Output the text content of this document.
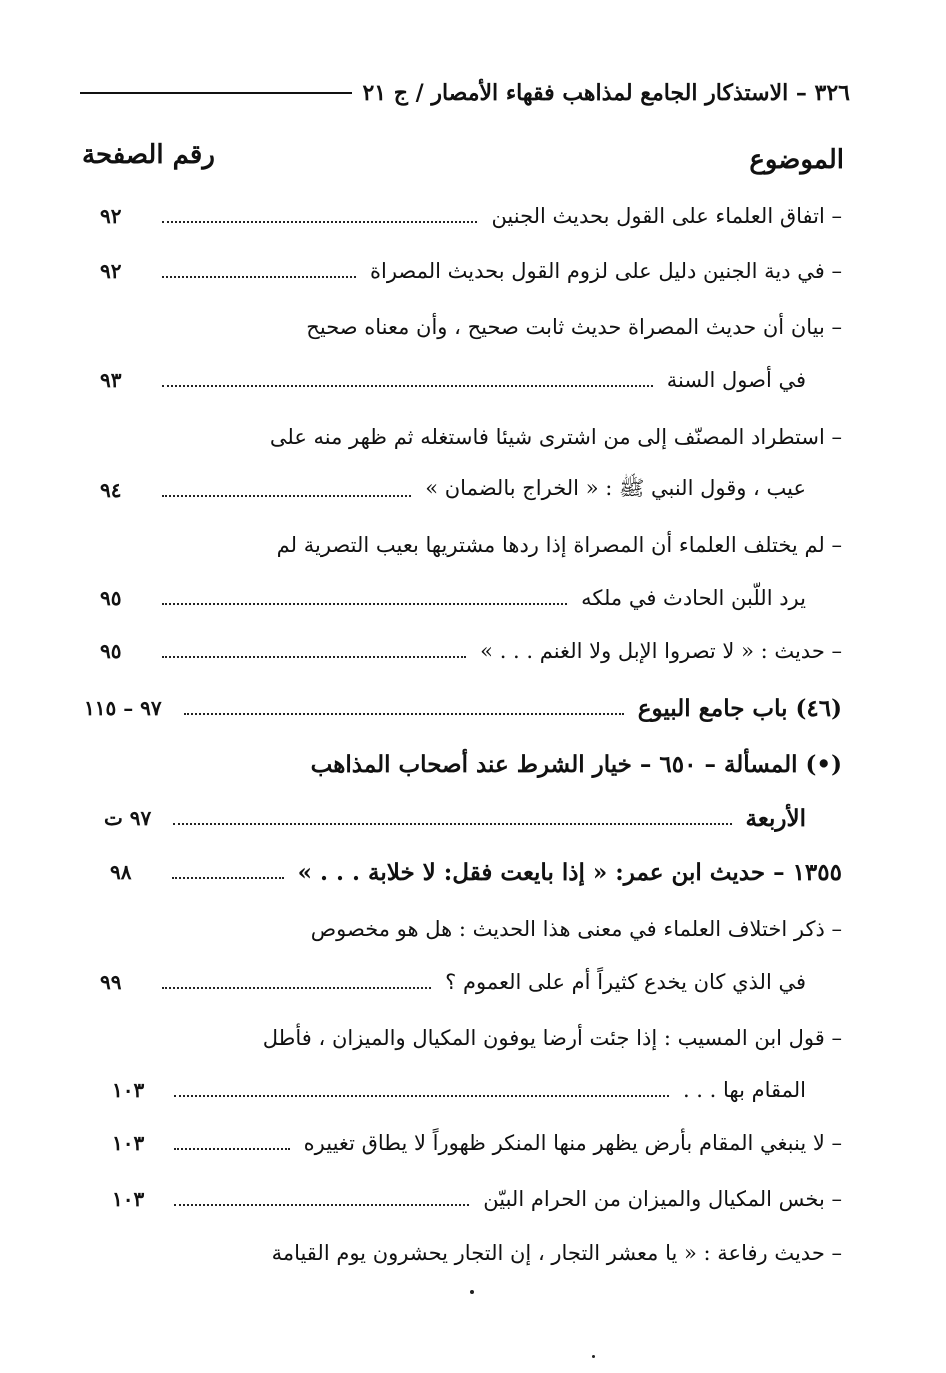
٣٢٦ – الاستذكار الجامع لمذاهب فقهاء الأمصار / ج ٢١
الموضوع
رقم الصفحة
– اتفاق العلماء على القول بحديث الجنين
٩٢
– في دية الجنين دليل على لزوم القول بحديث المصراة
٩٢
– بيان أن حديث المصراة حديث ثابت صحيح ، وأن معناه صحيح
في أصول السنة
٩٣
– استطراد المصنّف إلى من اشترى شيئا فاستغله ثم ظهر منه على
عيب ، وقول النبي ﷺ : « الخراج بالضمان »
٩٤
– لم يختلف العلماء أن المصراة إذا ردها مشتريها بعيب التصرية لم
يرد اللّبن الحادث في ملكه
٩٥
– حديث : « لا تصروا الإبل ولا الغنم . . . »
٩٥
(٤٦) باب جامع البيوع
٩٧ – ١١٥
(•) المسألة – ٦٥٠ – خيار الشرط عند أصحاب المذاهب
الأربعة
٩٧ ت
١٣٥٥ – حديث ابن عمر: « إذا بايعت فقل: لا خلابة . . . »
٩٨
– ذكر اختلاف العلماء في معنى هذا الحديث : هل هو مخصوص
في الذي كان يخدع كثيراً أم على العموم ؟
٩٩
– قول ابن المسيب : إذا جئت أرضا يوفون المكيال والميزان ، فأطل
المقام بها . . .
١٠٣
– لا ينبغي المقام بأرض يظهر منها المنكر ظهوراً لا يطاق تغييره
١٠٣
– بخس المكيال والميزان من الحرام البيّن
١٠٣
– حديث رفاعة : « يا معشر التجار ، إن التجار يحشرون يوم القيامة
